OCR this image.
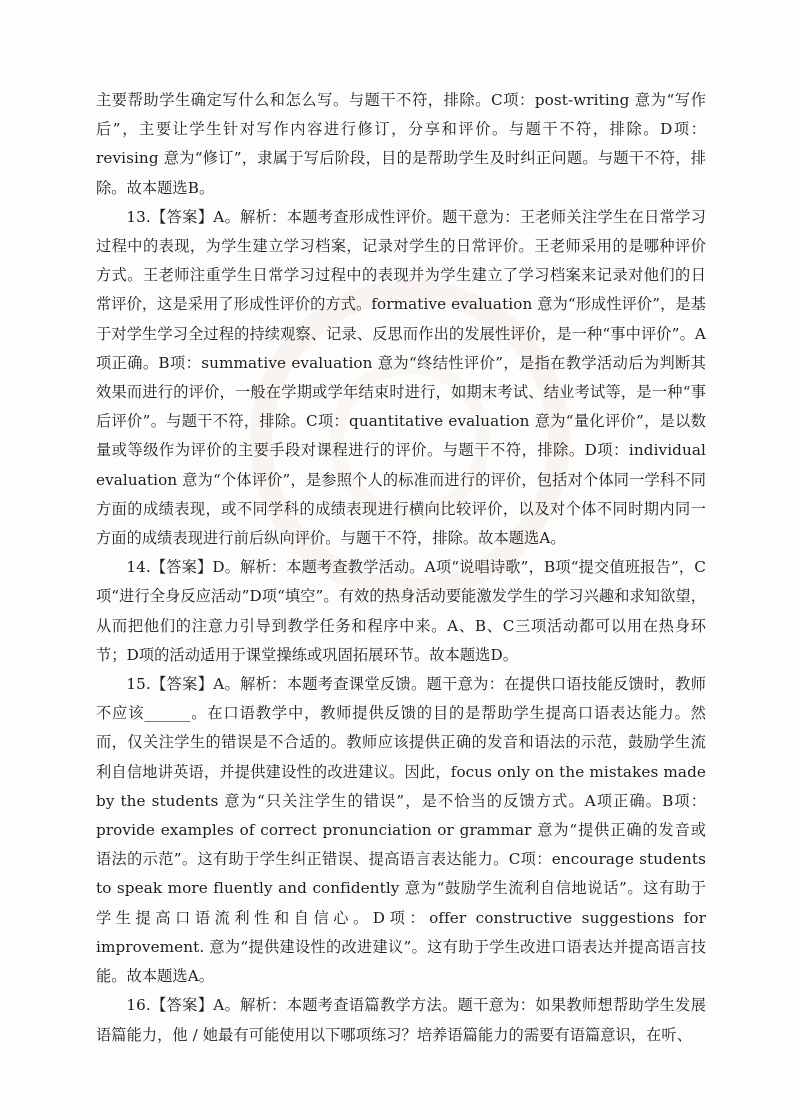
主要帮助学生确定写什么和怎么写。与题干不符，排除。C项：post-writing 意为“写作后”，主要让学生针对写作内容进行修订，分享和评价。与题干不符，排除。D项：revising 意为“修订”，隶属于写后阶段，目的是帮助学生及时纠正问题。与题干不符，排除。故本题选B。

13.【答案】A。解析：本题考查形成性评价。题干意为：王老师关注学生在日常学习过程中的表现，为学生建立学习档案，记录对学生的日常评价。王老师采用的是哪种评价方式。王老师注重学生日常学习过程中的表现并为学生建立了学习档案来记录对他们的日常评价，这是采用了形成性评价的方式。formative evaluation 意为“形成性评价”，是基于对学生学习全过程的持续观察、记录、反思而作出的发展性评价，是一种“事中评价”。A项正确。B项：summative evaluation 意为“终结性评价”，是指在教学活动后为判断其效果而进行的评价，一般在学期或学年结束时进行，如期末考试、结业考试等，是一种“事后评价”。与题干不符，排除。C项：quantitative evaluation 意为“量化评价”，是以数量或等级作为评价的主要手段对课程进行的评价。与题干不符，排除。D项：individual evaluation 意为“个体评价”，是参照个人的标准而进行的评价，包括对个体同一学科不同方面的成绩表现，或不同学科的成绩表现进行横向比较评价，以及对个体不同时期内同一方面的成绩表现进行前后纵向评价。与题干不符，排除。故本题选A。

14.【答案】D。解析：本题考查教学活动。A项“说唱诗歌”，B项“提交值班报告”，C项“进行全身反应活动”D项“填空”。有效的热身活动要能激发学生的学习兴趣和求知欲望，从而把他们的注意力引导到教学任务和程序中来。A、B、C三项活动都可以用在热身环节；D项的活动适用于课堂操练或巩固拓展环节。故本题选D。

15.【答案】A。解析：本题考查课堂反馈。题干意为：在提供口语技能反馈时，教师不应该______。在口语教学中，教师提供反馈的目的是帮助学生提高口语表达能力。然而，仅关注学生的错误是不合适的。教师应该提供正确的发音和语法的示范，鼓励学生流利自信地讲英语，并提供建设性的改进建议。因此，focus only on the mistakes made by the students 意为“只关注学生的错误”，是不恰当的反馈方式。A项正确。B项：provide examples of correct pronunciation or grammar 意为“提供正确的发音或语法的示范”。这有助于学生纠正错误、提高语言表达能力。C项：encourage students to speak more fluently and confidently 意为“鼓励学生流利自信地说话”。这有助于学生提高口语流利性和自信心。D项：offer constructive suggestions for improvement. 意为“提供建设性的改进建议”。这有助于学生改进口语表达并提高语言技能。故本题选A。

16.【答案】A。解析：本题考查语篇教学方法。题干意为：如果教师想帮助学生发展语篇能力，他 / 她最有可能使用以下哪项练习？培养语篇能力的需要有语篇意识，在听、
